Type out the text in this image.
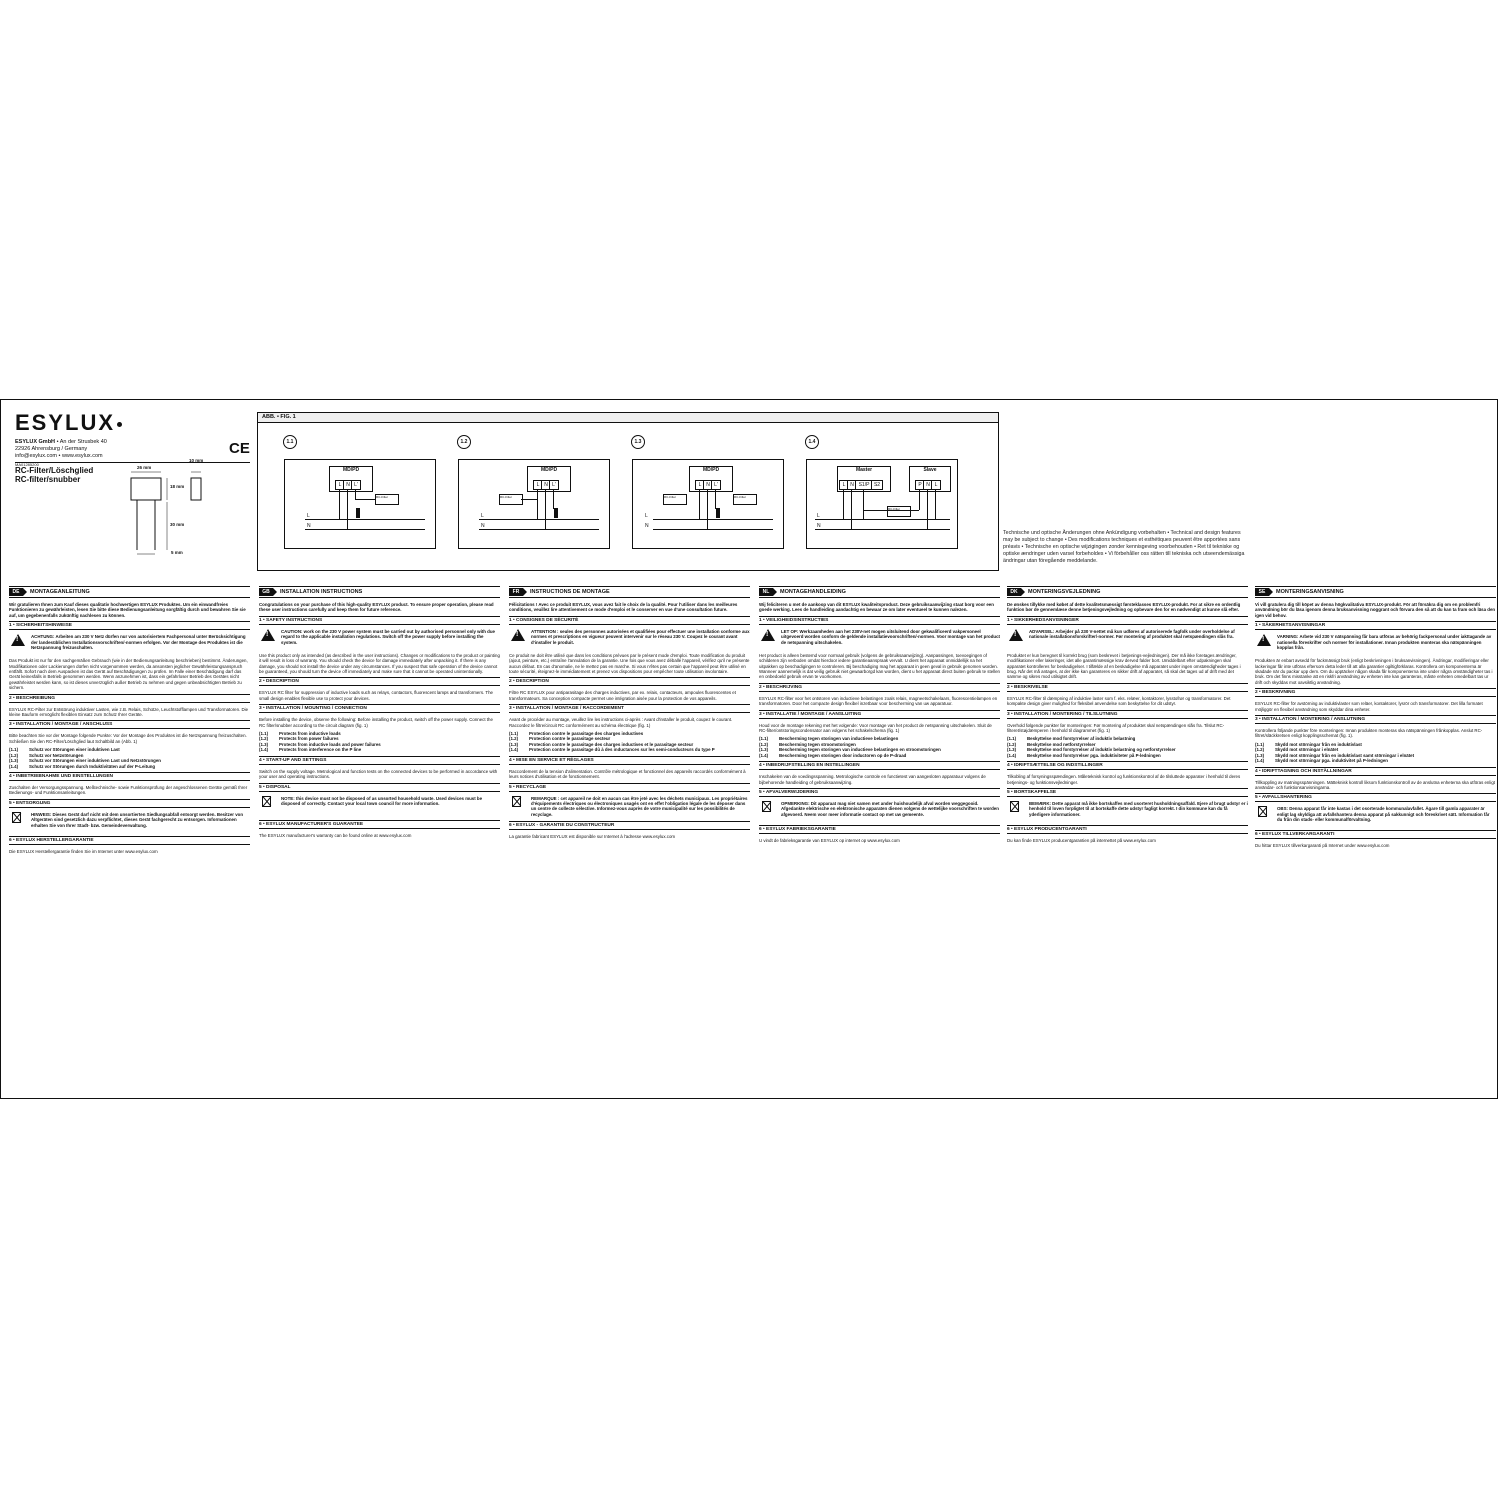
ESYLUX
ESYLUX GmbH • An der Strusbek 40
22926 Ahrensburg / Germany
info@esylux.com • www.esylux.com
MA01285200
CE
RC-Filter/Löschglied
RC-filter/snubber
26 mm
10 mm
18 mm
30 mm
5 mm
ABB. • FIG. 1
1.1
MD/PD
L N L'
RC-Filter
L
N
1.2
MD/PD
L N L'
RC-Filter
L
N
1.3
MD/PD
L N L'
RC-Filter	RC-Filter
L
N
1.4
Master
L N S1/P S2
Slave
P N L
RC-Filter
L
N
Technische und optische Änderungen ohne Ankündigung vorbehalten • Technical and design features may be subject to change • Des modifications techniques et esthétiques peuvent être apportées sans préavis • Technische en optische wijzigingen zonder kennisgeving voorbehouden • Ret til tekniske og optiske ændringer uden varsel forbeholdes • Vi förbehåller oss rätten till tekniska och utseendemässiga ändringar utan föregående meddelande.
DE	MONTAGEANLEITUNG
Wir gratulieren Ihnen zum Kauf dieses qualitativ hochwertigen ESYLUX Produktes. Um ein einwandfreies Funktionieren zu gewährleisten, lesen Sie bitte diese Bedienungsanleitung sorgfältig durch und bewahren Sie sie auf, um gegebenenfalls zukünftig nachlesen zu können.
1 • SICHERHEITSHINWEISE
!
ACHTUNG: Arbeiten am 230 V Netz dürfen nur von autorisiertem Fachpersonal unter Berücksichtigung der landesüblichen Installationsvorschriften/-normen erfolgen. Vor der Montage des Produktes ist die Netzspannung freizuschalten.

Das Produkt ist nur für den sachgemäßen Gebrauch (wie in der Bedienungsanleitung beschrieben) bestimmt. Änderungen, Modifikationen oder Lackierungen dürfen nicht vorgenommen werden, da ansonsten jeglicher Gewährleistungsanspruch entfällt. Sofort nach dem Auspacken ist das Gerät auf Beschädigungen zu prüfen. Im Falle einer Beschädigung darf das Gerät keinesfalls in Betrieb genommen werden. Wenn anzunehmen ist, dass ein gefahrloser Betrieb des Gerätes nicht gewährleistet werden kann, so ist dieses unverzüglich außer Betrieb zu nehmen und gegen unbeabsichtigten Betrieb zu sichern.

2 • BESCHREIBUNG

ESYLUX RC-Filter zur Entstörung induktiver Lasten, wie z.B. Relais, Schütze, Leuchtstofflampen und Transformatoren. Die kleine Bauform ermöglicht flexiblen Einsatz zum Schutz Ihrer Geräte.

3 • INSTALLATION / MONTAGE / ANSCHLUSS

Bitte beachten Sie vor der Montage folgende Punkte: Vor der Montage des Produktes ist die Netzspannung freizuschalten. Schließen Sie den RC-Filter/Löschglied laut Schaltbild an (Abb. 1)

(1.1)	Schutz vor Störungen einer induktiven Last
(1.2)	Schutz vor Netzstörungen
(1.3)	Schutz vor Störungen einer induktiven Last und Netzstörungen
(1.4)	Schutz vor Störungen durch Induktivitäten auf der P-Leitung
4 • INBETRIEBNAHME UND EINSTELLUNGEN

Zuschalten der Versorgungsspannung. Meßtechnische- sowie Funktionsprüfung der angeschlossenen Geräte gemäß Ihrer Bedienungs- und Funktionsanleitungen.

5 • ENTSORGUNG
HINWEIS: Dieses Gerät darf nicht mit dem unsortierten Siedlungsabfall entsorgt werden. Besitzer von Altgeräten sind gesetzlich dazu verpflichtet, dieses Gerät fachgerecht zu entsorgen. Informationen erhalten Sie von Ihrer Stadt- bzw. Gemeindeverwaltung.
6 • ESYLUX HERSTELLERGARANTIE

Die ESYLUX Herstellergarantie finden Sie im Internet unter www.esylux.com

GB	INSTALLATION INSTRUCTIONS
Congratulations on your purchase of this high-quality ESYLUX product. To ensure proper operation, please read these user instructions carefully and keep them for future reference.
1 • SAFETY INSTRUCTIONS
!
CAUTION: work on the 230 V power system must be carried out by authorised personnel only with due regard to the applicable installation regulations. Switch off the power supply before installing the system.

Use this product only as intended (as described in the user instructions). Changes or modifications to the product or painting it will result in loss of warranty. You should check the device for damage immediately after unpacking it. If there is any damage, you should not install the device under any circumstances. If you suspect that safe operation of the device cannot be guaranteed, you should turn the device off immediately and make sure that it cannot be operated unintentionally.

2 • DESCRIPTION

ESYLUX RC filter for suppression of inductive loads such as relays, contactors, fluorescent lamps and transformers. The small design enables flexible use to protect your devices.

3 • INSTALLATION / MOUNTING / CONNECTION

Before installing the device, observe the following: Before installing the product, switch off the power supply. Connect the RC filter/snubber according to the circuit diagram (fig. 1)

(1.1)	Protects from inductive loads
(1.2)	Protects from power failures
(1.3)	Protects from inductive loads and power failures
(1.4)	Protects from interference on the P line
4 • START-UP AND SETTINGS

Switch on the supply voltage. Metrological and function tests on the connected devices to be performed in accordance with your user and operating instructions.

5 • DISPOSAL
NOTE: this device must not be disposed of as unsorted household waste. Used devices must be disposed of correctly. Contact your local town council for more information.
6 • ESYLUX MANUFACTURER'S GUARANTEE

The ESYLUX manufacturer's warranty can be found online at www.esylux.com

FR	INSTRUCTIONS DE MONTAGE
Félicitations ! Avec ce produit ESYLUX, vous avez fait le choix de la qualité. Pour l'utiliser dans les meilleures conditions, veuillez lire attentivement ce mode d'emploi et le conserver en vue d'une consultation future.
1 • CONSIGNES DE SÉCURITÉ
!
ATTENTION : seules des personnes autorisées et qualifiées pour effectuer une installation conforme aux normes et prescriptions en vigueur peuvent intervenir sur le réseau 230 V. Coupez le courant avant d'installer le produit.

Ce produit ne doit être utilisé que dans les conditions prévues par le présent mode d'emploi. Toute modification du produit (ajout, peinture, etc.) entraîne l'annulation de la garantie. Une fois que vous avez déballé l'appareil, vérifiez qu'il ne présente aucun défaut. En cas d'anomalie, ne le mettez pas en marche. Si vous n'êtes pas certain que l'appareil peut être utilisé en toute sécurité, éteignez-le immédiatement et prenez vos dispositions pour empêcher toute utilisation involontaire.

2 • DESCRIPTION

Filtre RC ESYLUX pour antiparasitage des charges inductives, par ex. relais, contacteurs, ampoules fluorescentes et transformateurs. Sa conception compacte permet une intégration aisée pour la protection de vos appareils.

3 • INSTALLATION / MONTAGE / RACCORDEMENT

Avant de procéder au montage, veuillez lire les instructions ci-après : Avant d'installer le produit, coupez le courant. Raccordez le filtre/circuit RC conformément au schéma électrique (fig. 1)

(1.1)	Protection contre le parasitage des charges inductives
(1.2)	Protection contre le parasitage secteur
(1.3)	Protection contre le parasitage des charges inductives et le parasitage secteur
(1.4)	Protection contre le parasitage dû à des inductances sur les semi-conducteurs du type P
4 • MISE EN SERVICE ET RÉGLAGES

Raccordement de la tension d'alimentation. Contrôle métrologique et fonctionnel des appareils raccordés conformément à leurs notices d'utilisation et de fonctionnement.

5 • RECYCLAGE
REMARQUE : cet appareil ne doit en aucun cas être jeté avec les déchets municipaux. Les propriétaires d'équipements électriques ou électroniques usagés ont en effet l'obligation légale de les déposer dans un centre de collecte sélective. Informez-vous auprès de votre municipalité sur les possibilités de recyclage.
6 • ESYLUX - GARANTIE DU CONSTRUCTEUR

La garantie fabricant ESYLUX est disponible sur Internet à l'adresse www.esylux.com

NL	MONTAGEHANDLEIDING
Wij feliciteren u met de aankoop van dit ESYLUX kwaliteitsproduct. Deze gebruiksaanwijzing staat borg voor een goede werking. Lees de handleiding aandachtig en bewaar ze om later eventueel te kunnen nalezen.
1 • VEILIGHEIDSINSTRUCTIES
!
LET OP: Werkzaamheden aan het 230V-net mogen uitsluitend door gekwalificeerd vakpersoneel uitgevoerd worden conform de geldende installatievoorschriften/-normen. Voor montage van het product de netspanning uitschakelen.

Het product is alleen bestemd voor normaal gebruik (volgens de gebruiksaanwijzing). Aanpassingen, toevoegingen of schilderen zijn verboden omdat hierdoor iedere garantieaanspraak vervalt. U dient het apparaat onmiddellijk na het uitpakken op beschadigingen te controleren. Bij beschadiging mag het apparaat in geen geval in gebruik genomen worden. Wanneer aannemelijk is dat veilig gebruik niet gewaarborgd kan worden, dient u het apparaat direct buiten gebruik te stellen en onbedoeld gebruik ervan te voorkomen.

2 • BESCHRIJVING

ESYLUX RC-filter voor het ontstoren van inductieve belastingen zoals relais, magneetschakelaars, fluorescentielampen en transformatoren. Door het compacte design flexibel inzetbaar voor bescherming van uw apparatuur.

3 • INSTALLATIE / MONTAGE / AANSLUITING

Houd voor de montage rekening met het volgende: Voor montage van het product de netspanning uitschakelen. Sluit de RC-filter/ontstoringscondensator aan volgens het schakelschema (fig. 1)

(1.1)	Bescherming tegen storingen van inductieve belastingen
(1.2)	Bescherming tegen stroomstoringen
(1.3)	Bescherming tegen storingen van inductieve belastingen en stroomstoringen
(1.4)	Bescherming tegen storingen door inductoren op de P-draad
4 • INBEDRIJFSTELLING EN INSTELLINGEN

Inschakelen van de voedingsspanning. Metrologische controle en functietest van aangesloten apparatuur volgens de bijbehorende handleiding of gebruiksaanwijzing.

5 • AFVALVERWIJDERING
OPMERKING: Dit apparaat mag niet samen met ander huishoudelijk afval worden weggegooid. Afgedankte elektrische en elektronische apparaten dienen volgens de wettelijke voorschriften te worden afgevoerd. Neem voor meer informatie contact op met uw gemeente.
6 • ESYLUX FABRIEKSGARANTIE

U vindt de fabrieksgarantie van ESYLUX op internet op www.esylux.com

DK	MONTERINGSVEJLEDNING
De ønskes tillykke med købet af dette kvalitetsmæssigt førsteklasses ESYLUX-produkt. For at sikre en ordentlig funktion bør de gennemlæse denne betjeningsvejledning og opbevare den for en nødvendigt at kunne slå efter.
1 • SIKKERHEDSANVISNINGER
!
ADVARSEL: Arbejder på 230 V-nettet må kun udføres af autoriserede fagfolk under overholdelse af nationale installationsforskrifter/-normer. Før montering af produktet skal netspændingen slås fra.

Produktet er kun beregnet til korrekt brug (som beskrevet i betjenings-vejledningen). Der må ikke foretages ændringer, modifikationer eller lakeringer, idet alle garantimæssige krav derved falder bort. Umiddelbart efter udpakningen skal apparatet kontrolleres for beskadigelser. I tilfælde af en beskadigelse må apparatet under ingen omstændigheder tages i brug. Når det må antages, at der ikke kan garanteres en sikker drift af apparatet, så skal det tages ud af drift med det samme og sikres mod utilsigtet drift.

2 • BESKRIVELSE

ESYLUX RC-filter til dæmpning af induktive laster som f. eks. relæer, kontaktorer, lysstofrør og transformatorer. Det kompakte design giver mulighed for fleksibel anvendelse som beskyttelse for dit udstyr.

3 • INSTALLATION / MONTERING / TILSLUTNING

Overhold følgende punkter før monteringen: Før montering af produktet skal netspændingen slås fra. Tilslut RC-filteret/støjdæmperen i henhold til diagrammet (fig. 1)

(1.1)	Beskyttelse mod forstyrrelser af induktiv belastning
(1.2)	Beskyttelse mod netforstyrrelser
(1.3)	Beskyttelse mod forstyrrelser af induktiv belastning og netforstyrrelser
(1.4)	Beskyttelse mod forstyrrelser pga. induktiviteter på P-ledningen
4 • IDRIFTSÆTTELSE OG INDSTILLINGER

Tilkobling af forsyningsspændingen. Måleteknisk kontrol og funktionskontrol af de tilsluttede apparater i henhold til deres betjenings- og funktionsvejledninger.

5 • BORTSKAFFELSE
BEMÆRK: Dette apparat må ikke bortskaffes med usorteret husholdningsaffald. Ejere af brugt udstyr er i henhold til loven forpligtet til at bortskaffe dette udstyr fagligt korrekt. I din kommune kan du få yderligere informationer.
6 • ESYLUX PRODUCENTGARANTI

Du kan finde ESYLUX producentgarantien på internettet på www.esylux.com

SE	MONTERINGSANVISNING
Vi vill gratulera dig till köpet av denna högkvalitativa ESYLUX-produkt. För att försäkra dig om en problemfri användning bör du läsa igenom denna bruksanvisning noggrant och förvara den så att du kan ta fram och läsa den igen vid behov.
1 • SÄKERHETSANVISNINGAR
!
VARNING: Arbete vid 230 V nätspänning får bara utföras av behörig fackpersonal under iakttagande av nationella föreskrifter och normer för installationer. Innan produkten monteras ska nätspänningen kopplas från.

Produkten är enbart avsedd för fackmässigt bruk (enligt beskrivningen i bruksanvisningen). Ändringar, modifieringar eller lackeringar får inte utföras eftersom detta leder till att alla garantier ogiltigförklaras. Kontrollera om komponenterna är skadade när du packar upp dem. Om du upptäcker någon skada får komponenterna inte under några omständigheter tas i bruk. Om det finns misstanke att en riskfri användning av enheten inte kan garanteras, måste enheten omedelbart tas ur drift och skyddas mot oavsiktlig användning.

2 • BESKRIVNING

ESYLUX RC-filter för avstörning av induktivlaster som reläer, kontaktorer, lysrör och transformatorer. Det lilla formatet möjliggör en flexibel användning som skyddar dina enheter.

3 • INSTALLATION / MONTERING / ANSLUTNING

Kontrollera följande punkter före monteringen: Innan produkten monteras ska nätspänningen frånkopplas. Anslut RC-filtret/släckkretsen enligt kopplingsschemat (fig. 1).

(1.1)	Skydd mot störningar från en induktivlast
(1.2)	Skydd mot störningar i elnätet
(1.3)	Skydd mot störningar från en induktivlast samt störningar i elnätet
(1.4)	Skydd mot störningar pga. induktivitet på P-ledningen
4 • IDRIFTTAGNING OCH INSTÄLLNINGAR

Tillkoppling av matningsspänningen. Mätteknisk kontroll liksom funktionskontroll av de anslutna enheterna ska utföras enligt användar- och funktionsanvisningarna.

5 • AVFALLSHANTERING
OBS: Denna apparat får inte kastas i det osorterade kommunalavfallet. Ägare till gamla apparater är enligt lag skyldiga att avfallshantera denna apparat på sakkunnigt och föreskrivet sätt. Information får du från din stads- eller kommunalförvaltning.
6 • ESYLUX TILLVERKARGARANTI

Du hittar ESYLUX tillverkargaranti på Internet under www.esylux.com
